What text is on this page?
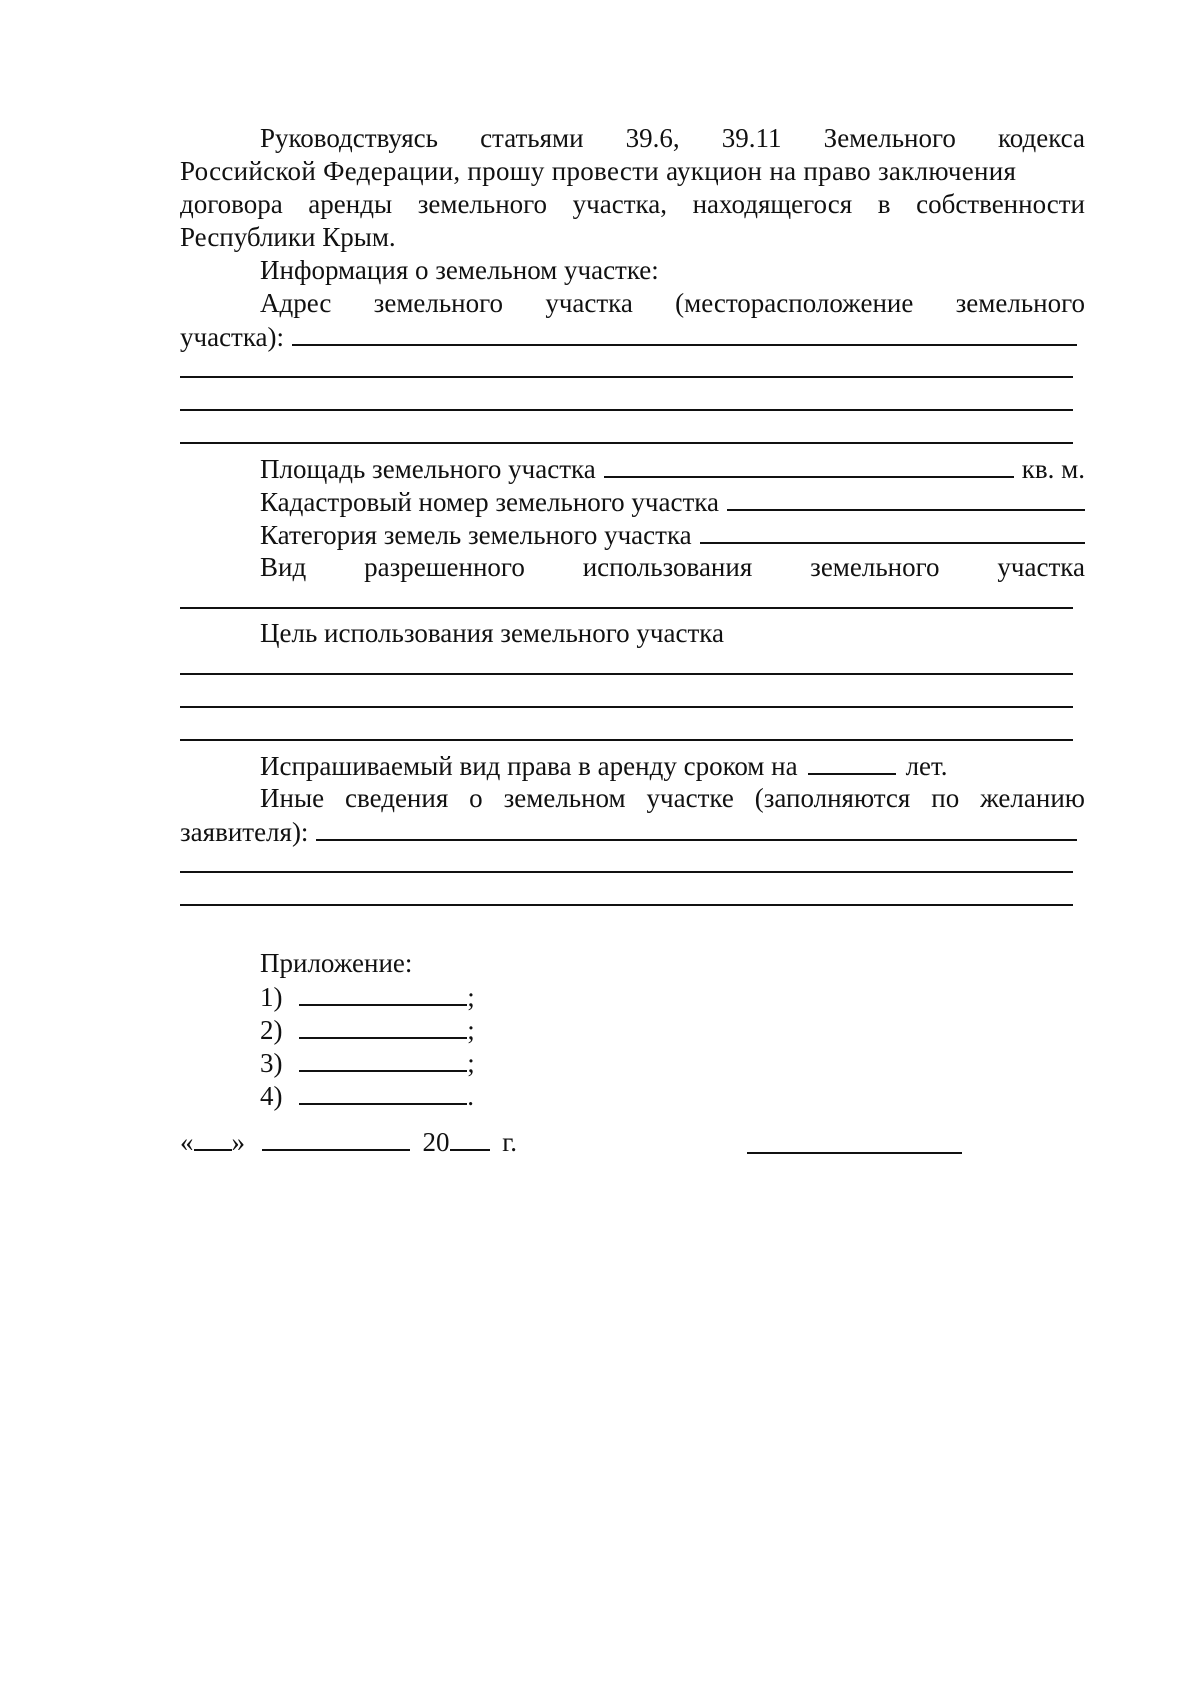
Руководствуясь статьями 39.6, 39.11 Земельного кодекса
Российской Федерации, прошу провести аукцион на право заключения
договора аренды земельного участка, находящегося в собственности
Республики Крым.
Информация о земельном участке:
Адрес земельного участка (месторасположение земельного
участка):
Площадь земельного участка	кв. м.
Кадастровый номер земельного участка
Категория земель земельного участка
Вид разрешенного использования земельного участка
Цель использования земельного участка
Испрашиваемый вид права в аренду сроком на	лет.
Иные сведения о земельном участке (заполняются по желанию
заявителя):
Приложение:
1)	;
2)	;
3)	;
4)	.
« »	20 г.
